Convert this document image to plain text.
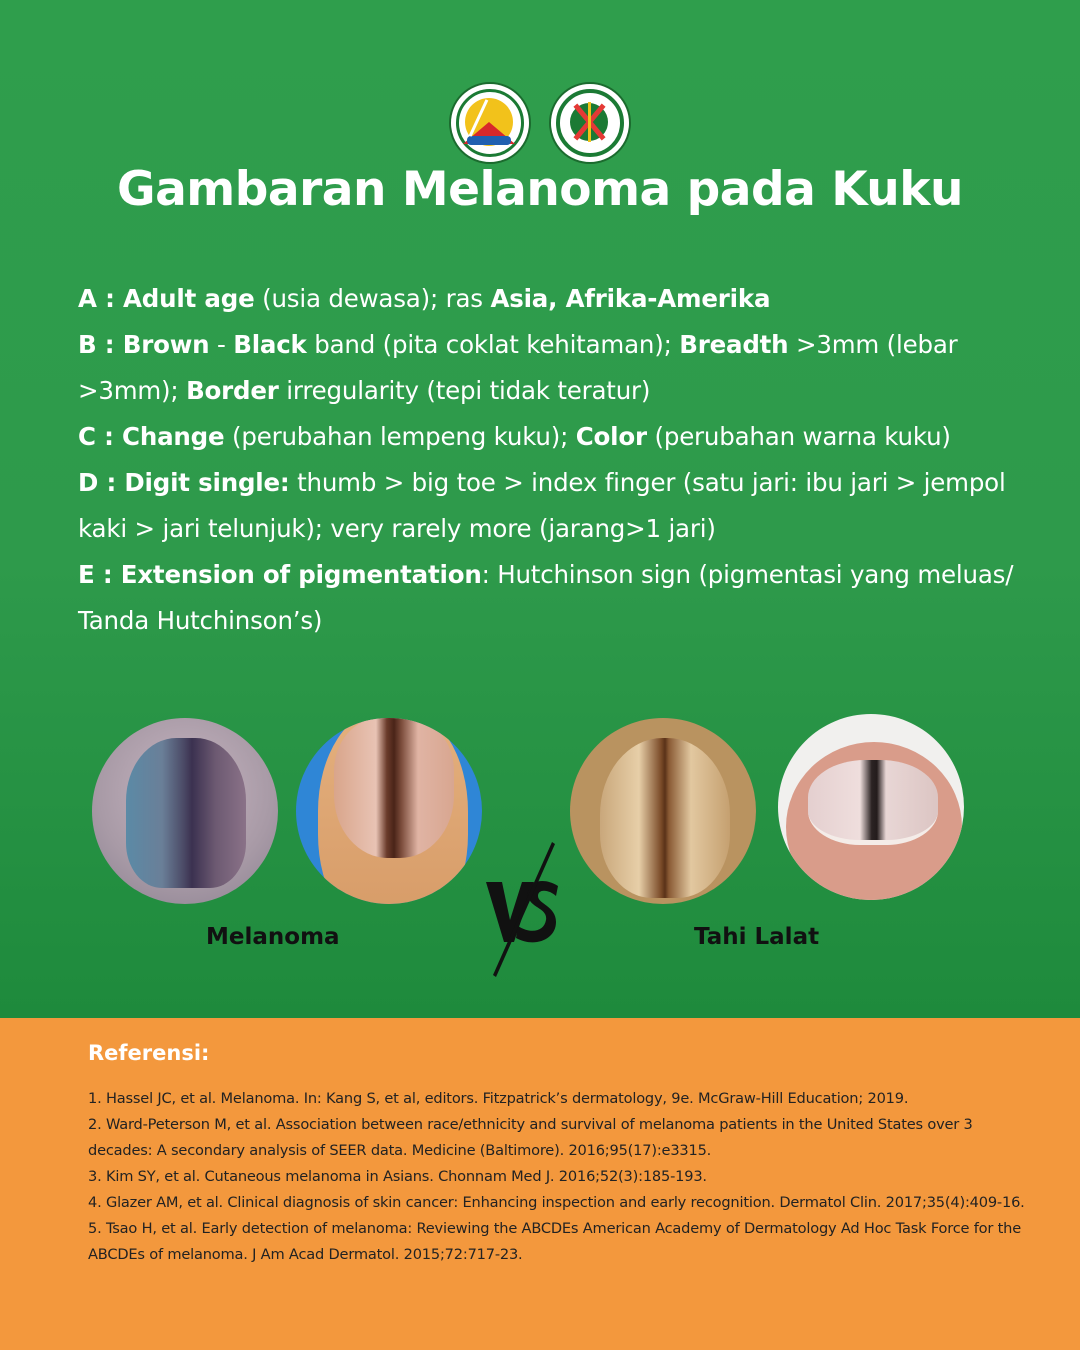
Gambaran Melanoma pada Kuku

A : Adult age (usia dewasa); ras Asia, Afrika-Amerika

B : Brown - Black band (pita coklat kehitaman); Breadth >3mm (lebar >3mm); Border irregularity (tepi tidak teratur)

C : Change (perubahan lempeng kuku); Color (perubahan warna kuku)

D : Digit single: thumb > big toe > index finger (satu jari: ibu jari > jempol kaki > jari telunjuk); very rarely more (jarang>1 jari)

E : Extension of pigmentation: Hutchinson sign (pigmentasi yang meluas/ Tanda Hutchinson’s)

Melanoma	Tahi Lalat
Referensi:

1. Hassel JC, et al. Melanoma. In: Kang S, et al, editors. Fitzpatrick’s dermatology, 9e. McGraw-Hill Education; 2019.

2. Ward-Peterson M, et al. Association between race/ethnicity and survival of melanoma patients in the United States over 3 decades: A secondary analysis of SEER data. Medicine (Baltimore). 2016;95(17):e3315.

3. Kim SY, et al. Cutaneous melanoma in Asians. Chonnam Med J. 2016;52(3):185-193.

4. Glazer AM, et al. Clinical diagnosis of skin cancer: Enhancing inspection and early recognition. Dermatol Clin. 2017;35(4):409-16.

5. Tsao H, et al. Early detection of melanoma: Reviewing the ABCDEs American Academy of Dermatology Ad Hoc Task Force for the ABCDEs of melanoma. J Am Acad Dermatol. 2015;72:717-23.
